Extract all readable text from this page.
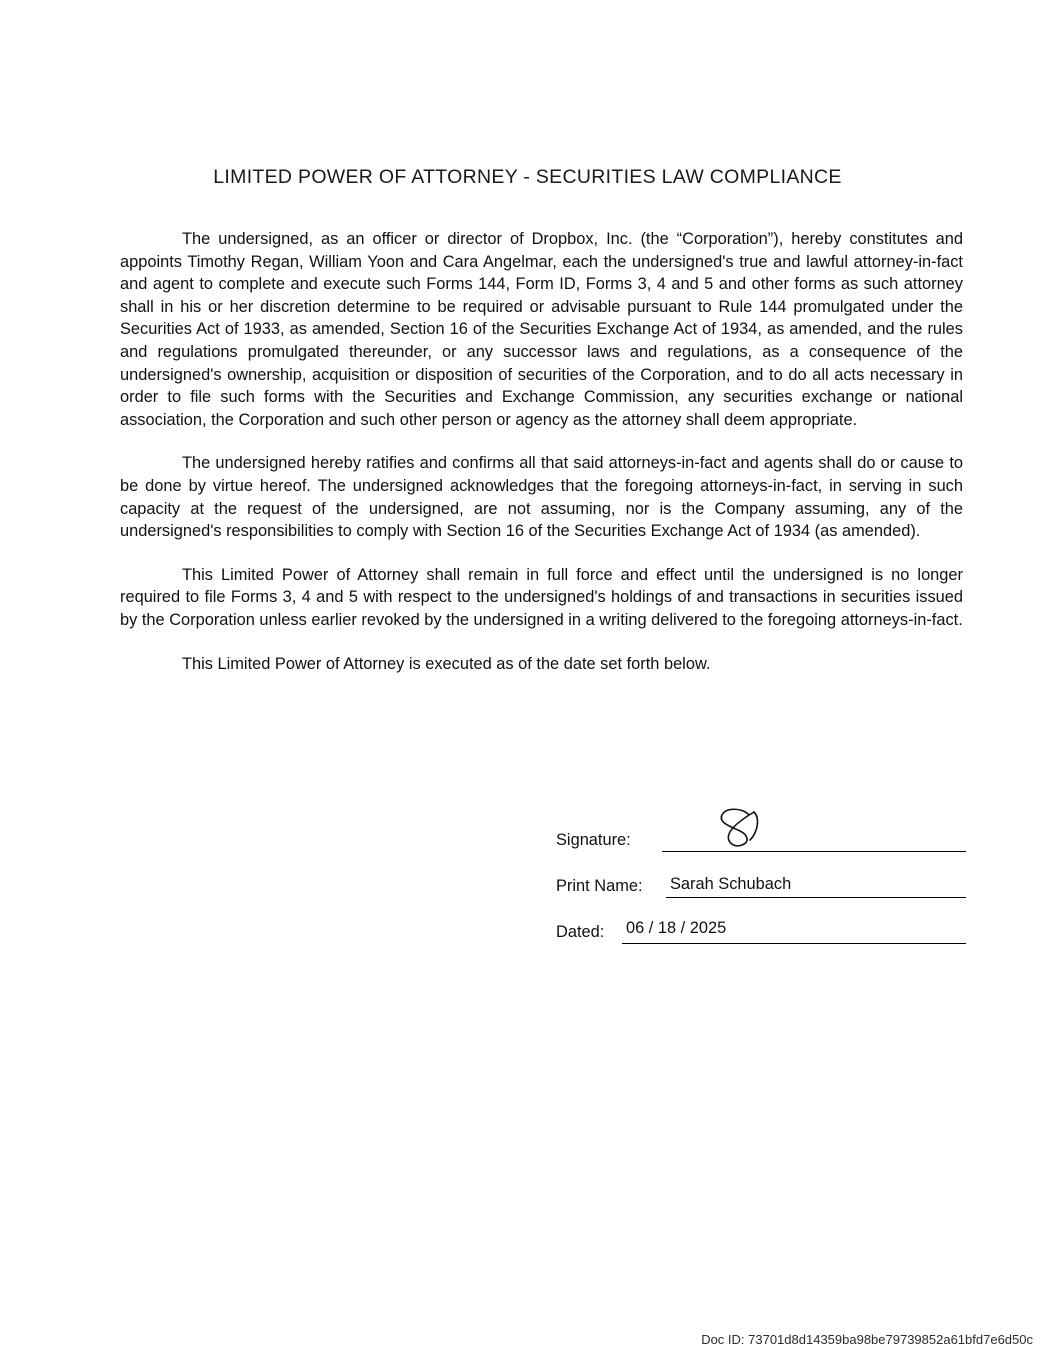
LIMITED POWER OF ATTORNEY - SECURITIES LAW COMPLIANCE

The undersigned, as an officer or director of Dropbox, Inc. (the “Corporation”), hereby constitutes and appoints Timothy Regan, William Yoon and Cara Angelmar, each the undersigned's true and lawful attorney-in-fact and agent to complete and execute such Forms 144, Form ID, Forms 3, 4 and 5 and other forms as such attorney shall in his or her discretion determine to be required or advisable pursuant to Rule 144 promulgated under the Securities Act of 1933, as amended, Section 16 of the Securities Exchange Act of 1934, as amended, and the rules and regulations promulgated thereunder, or any successor laws and regulations, as a consequence of the undersigned's ownership, acquisition or disposition of securities of the Corporation, and to do all acts necessary in order to file such forms with the Securities and Exchange Commission, any securities exchange or national association, the Corporation and such other person or agency as the attorney shall deem appropriate.

The undersigned hereby ratifies and confirms all that said attorneys-in-fact and agents shall do or cause to be done by virtue hereof. The undersigned acknowledges that the foregoing attorneys-in-fact, in serving in such capacity at the request of the undersigned, are not assuming, nor is the Company assuming, any of the undersigned's responsibilities to comply with Section 16 of the Securities Exchange Act of 1934 (as amended).

This Limited Power of Attorney shall remain in full force and effect until the undersigned is no longer required to file Forms 3, 4 and 5 with respect to the undersigned's holdings of and transactions in securities issued by the Corporation unless earlier revoked by the undersigned in a writing delivered to the foregoing attorneys-in-fact.

This Limited Power of Attorney is executed as of the date set forth below.

Signature:
Print Name: Sarah Schubach
Dated: 06 / 18 / 2025
Doc ID: 73701d8d14359ba98be79739852a61bfd7e6d50c
